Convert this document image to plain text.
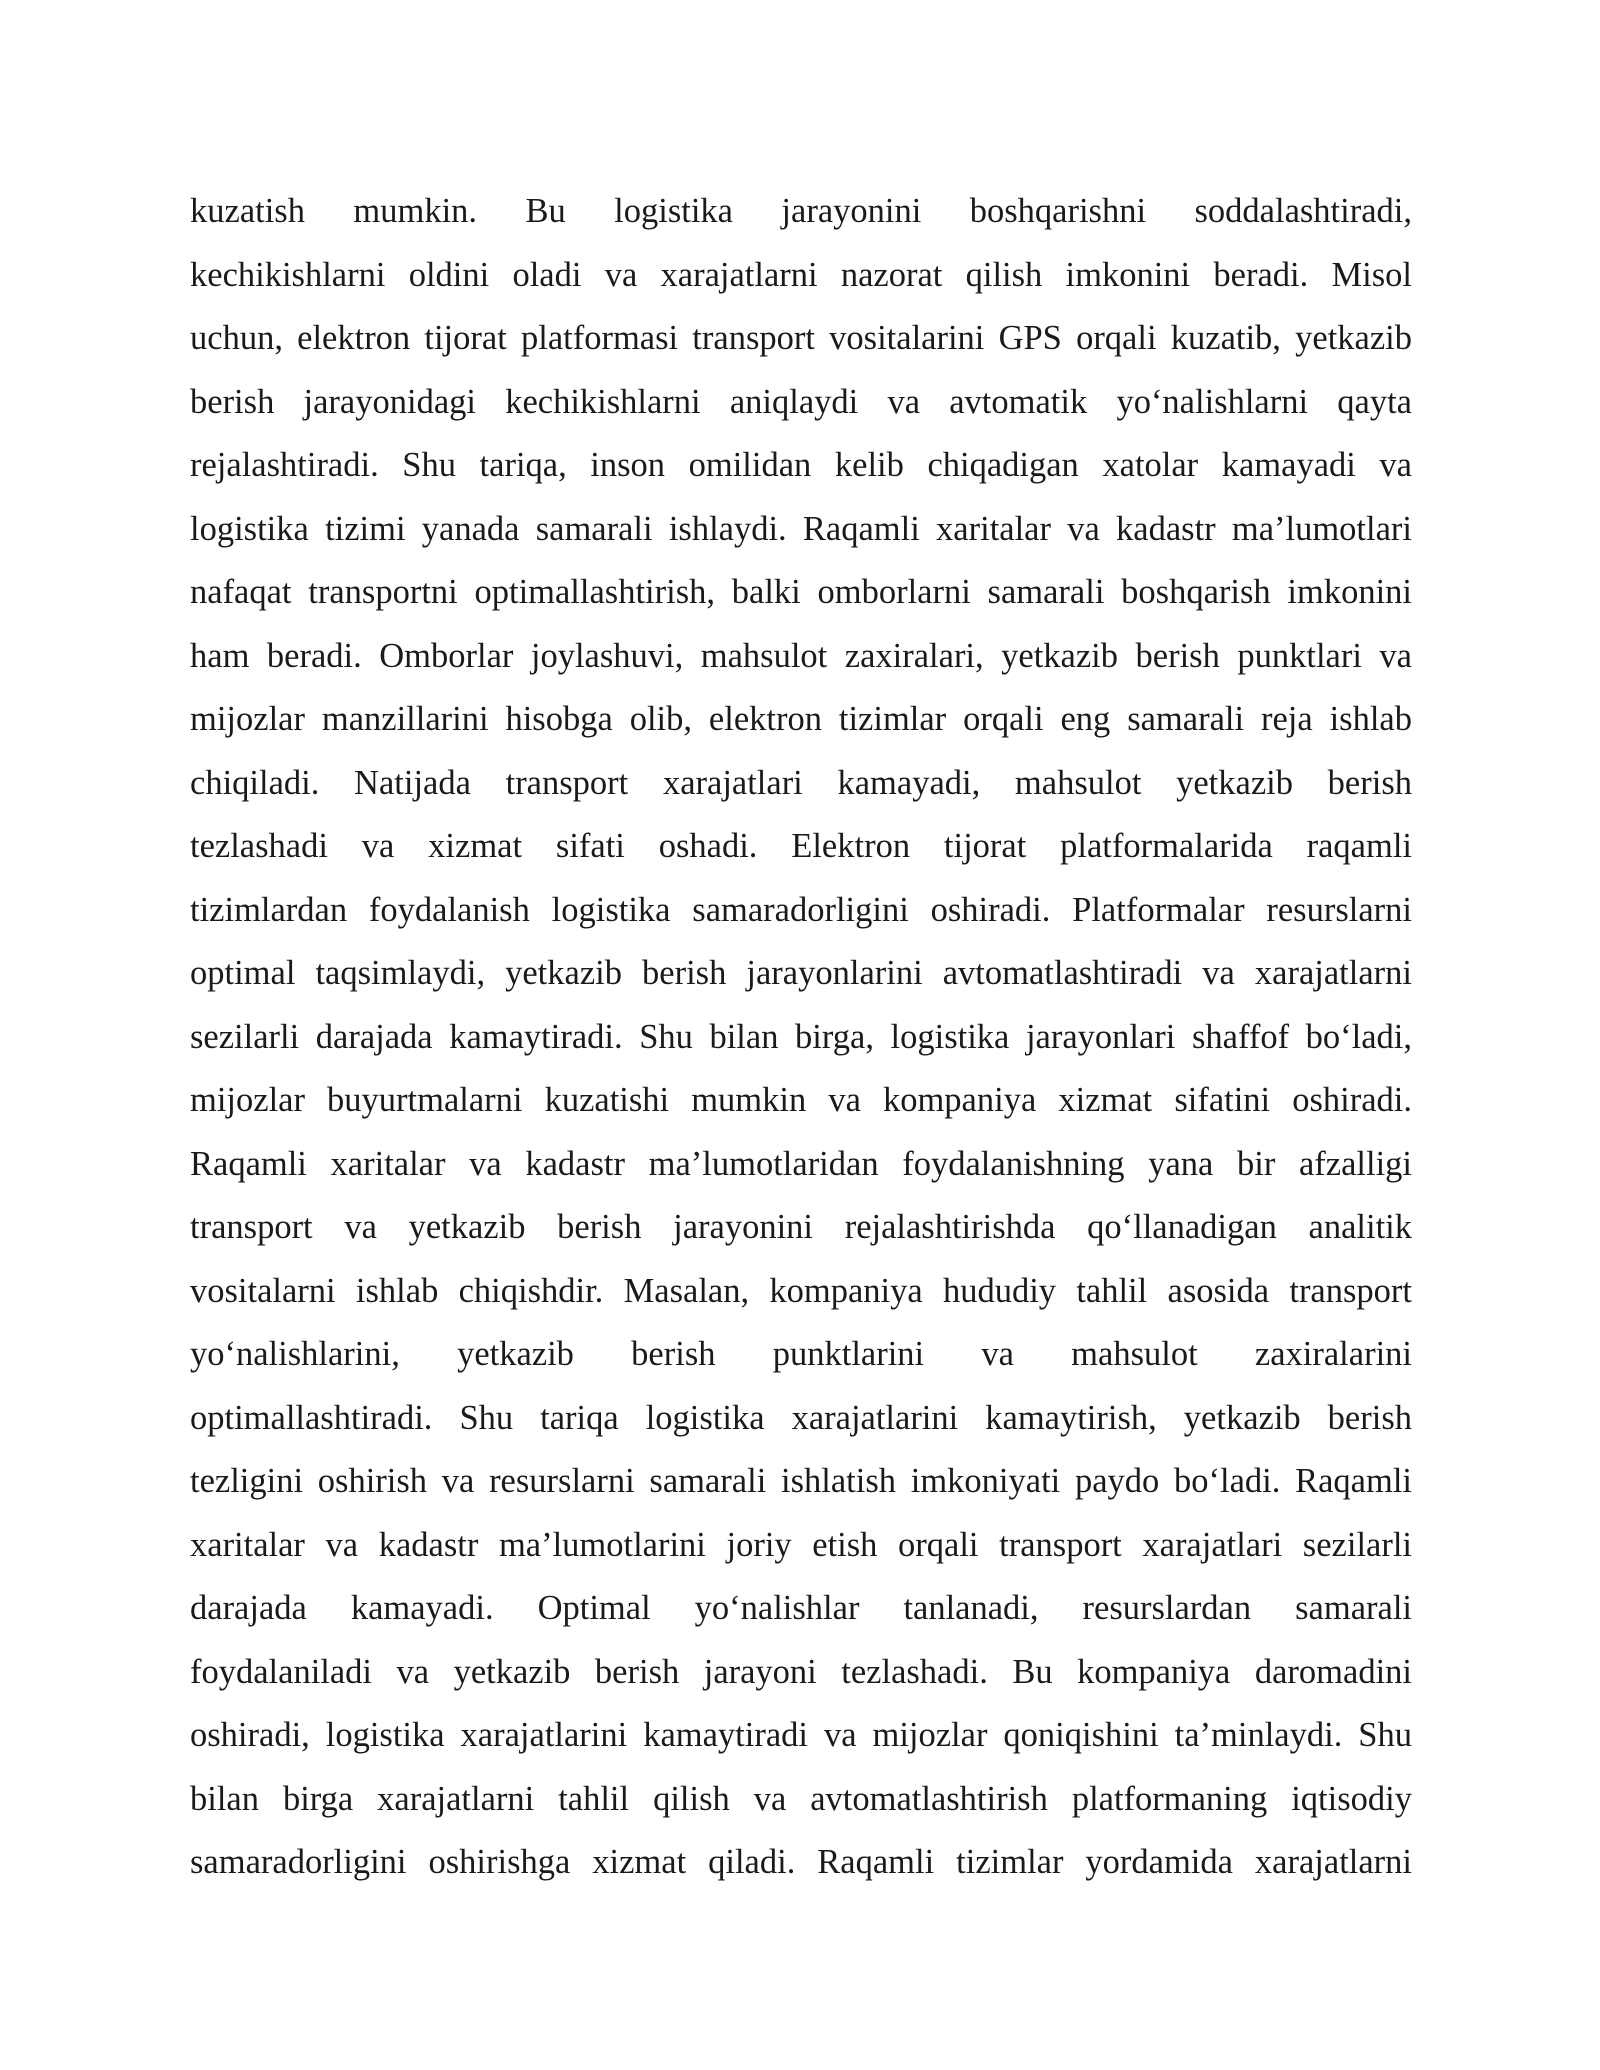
kuzatish mumkin. Bu logistika jarayonini boshqarishni soddalashtiradi,
kechikishlarni oldini oladi va xarajatlarni nazorat qilish imkonini beradi. Misol
uchun, elektron tijorat platformasi transport vositalarini GPS orqali kuzatib, yetkazib
berish jarayonidagi kechikishlarni aniqlaydi va avtomatik yo‘nalishlarni qayta
rejalashtiradi. Shu tariqa, inson omilidan kelib chiqadigan xatolar kamayadi va
logistika tizimi yanada samarali ishlaydi. Raqamli xaritalar va kadastr ma’lumotlari
nafaqat transportni optimallashtirish, balki omborlarni samarali boshqarish imkonini
ham beradi. Omborlar joylashuvi, mahsulot zaxiralari, yetkazib berish punktlari va
mijozlar manzillarini hisobga olib, elektron tizimlar orqali eng samarali reja ishlab
chiqiladi. Natijada transport xarajatlari kamayadi, mahsulot yetkazib berish
tezlashadi va xizmat sifati oshadi. Elektron tijorat platformalarida raqamli
tizimlardan foydalanish logistika samaradorligini oshiradi. Platformalar resurslarni
optimal taqsimlaydi, yetkazib berish jarayonlarini avtomatlashtiradi va xarajatlarni
sezilarli darajada kamaytiradi. Shu bilan birga, logistika jarayonlari shaffof bo‘ladi,
mijozlar buyurtmalarni kuzatishi mumkin va kompaniya xizmat sifatini oshiradi.
Raqamli xaritalar va kadastr ma’lumotlaridan foydalanishning yana bir afzalligi
transport va yetkazib berish jarayonini rejalashtirishda qo‘llanadigan analitik
vositalarni ishlab chiqishdir. Masalan, kompaniya hududiy tahlil asosida transport
yo‘nalishlarini, yetkazib berish punktlarini va mahsulot zaxiralarini
optimallashtiradi. Shu tariqa logistika xarajatlarini kamaytirish, yetkazib berish
tezligini oshirish va resurslarni samarali ishlatish imkoniyati paydo bo‘ladi. Raqamli
xaritalar va kadastr ma’lumotlarini joriy etish orqali transport xarajatlari sezilarli
darajada kamayadi. Optimal yo‘nalishlar tanlanadi, resurslardan samarali
foydalaniladi va yetkazib berish jarayoni tezlashadi. Bu kompaniya daromadini
oshiradi, logistika xarajatlarini kamaytiradi va mijozlar qoniqishini ta’minlaydi. Shu
bilan birga xarajatlarni tahlil qilish va avtomatlashtirish platformaning iqtisodiy
samaradorligini oshirishga xizmat qiladi. Raqamli tizimlar yordamida xarajatlarni
